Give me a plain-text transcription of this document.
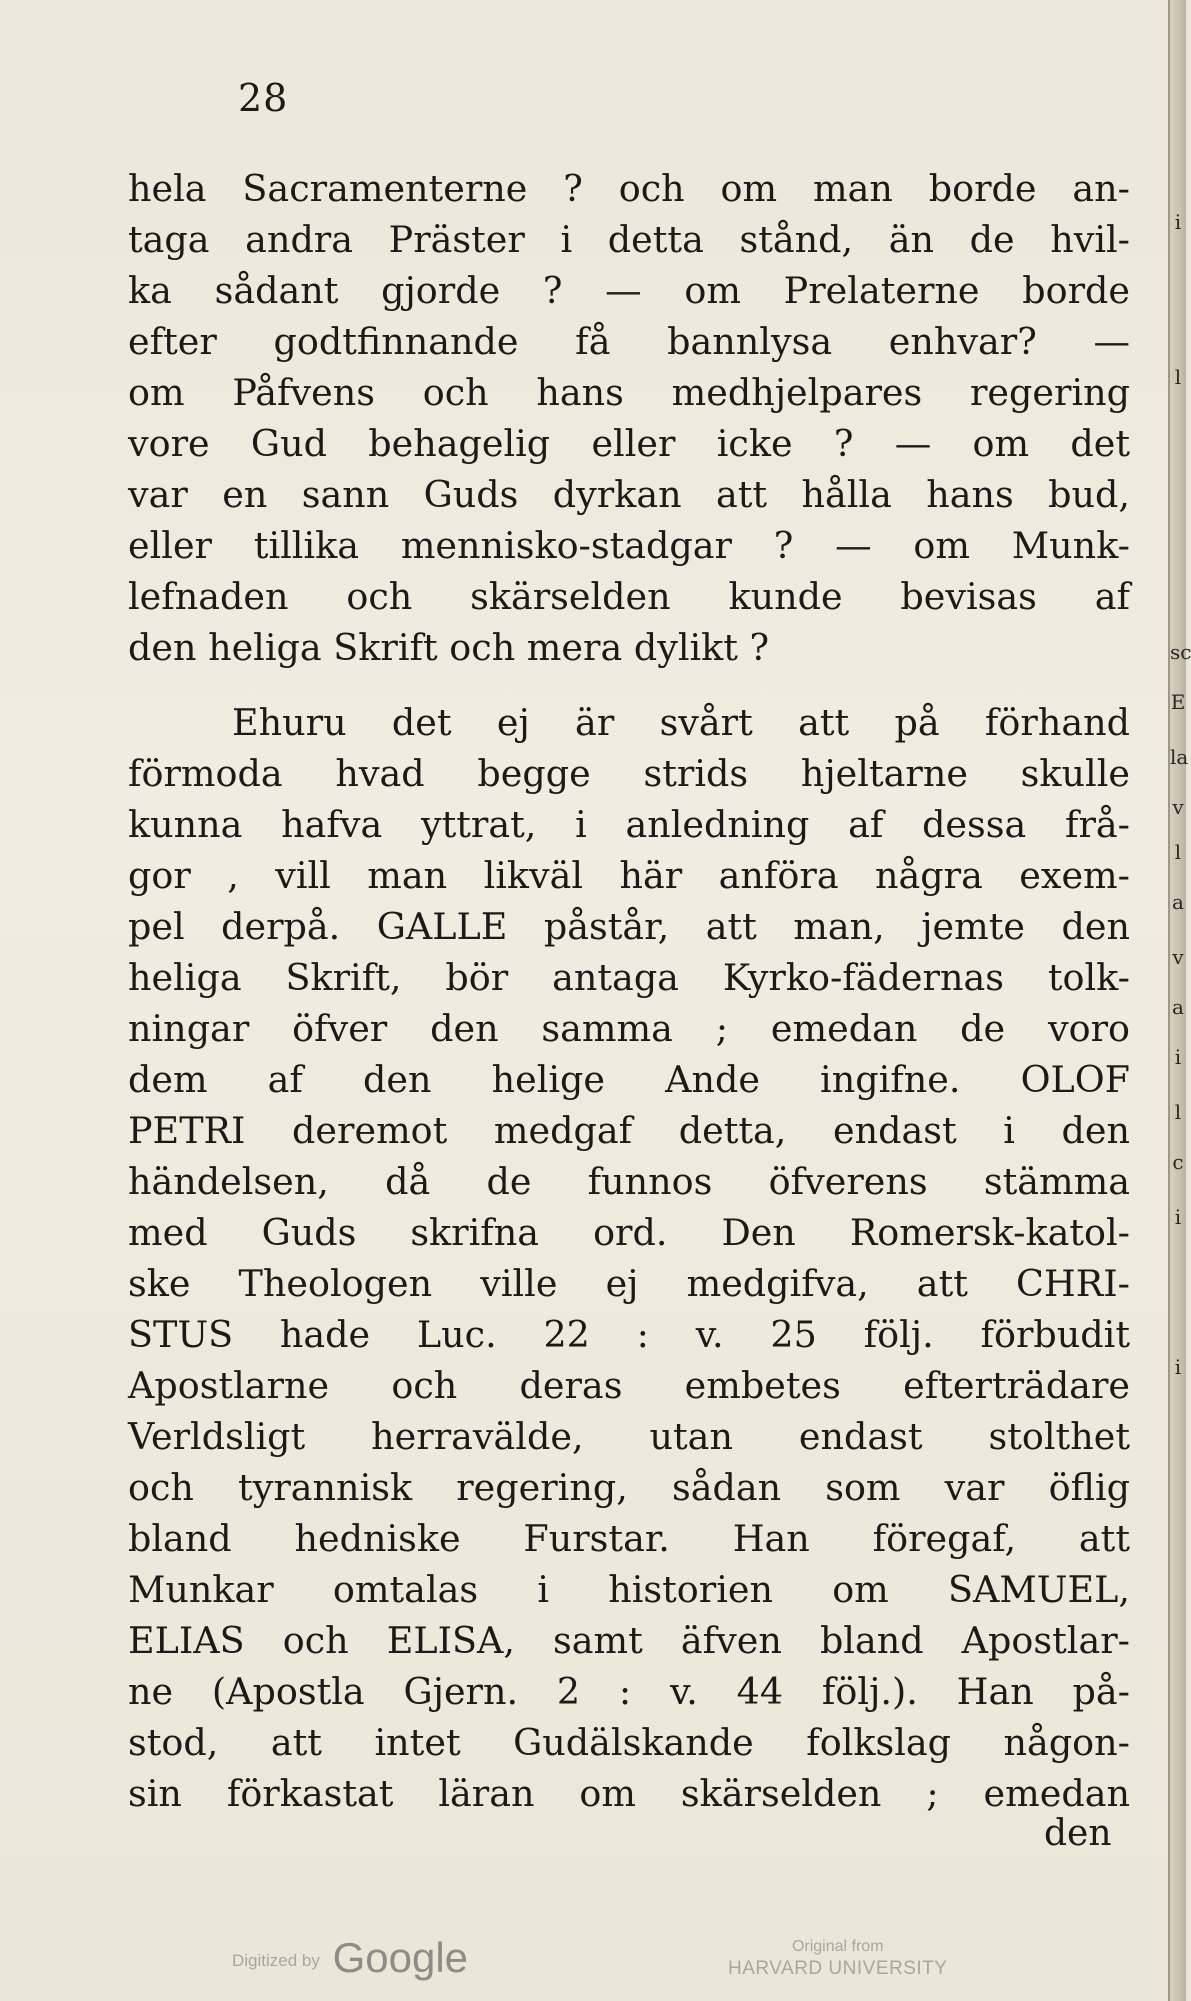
28
hela Sacramenterne ? och om man borde an-
taga andra Präster i detta stånd, än de hvil-
ka sådant gjorde ? — om Prelaterne borde
efter godtfinnande få bannlysa enhvar? —
om Påfvens och hans medhjelpares regering
vore Gud behagelig eller icke ? — om det
var en sann Guds dyrkan att hålla hans bud,
eller tillika mennisko-stadgar ? — om Munk-
lefnaden och skärselden kunde bevisas af
den heliga Skrift och mera dylikt ?
Ehuru det ej är svårt att på förhand
förmoda hvad begge strids hjeltarne skulle
kunna hafva yttrat, i anledning af dessa frå-
gor , vill man likväl här anföra några exem-
pel derpå. GALLE påstår, att man, jemte den
heliga Skrift, bör antaga Kyrko-fädernas tolk-
ningar öfver den samma ; emedan de voro
dem af den helige Ande ingifne. OLOF
PETRI deremot medgaf detta, endast i den
händelsen, då de funnos öfverens stämma
med Guds skrifna ord. Den Romersk-katol-
ske Theologen ville ej medgifva, att CHRI-
STUS hade Luc. 22 : v. 25 följ. förbudit
Apostlarne och deras embetes efterträdare
Verldsligt herravälde, utan endast stolthet
och tyrannisk regering, sådan som var öflig
bland hedniske Furstar. Han föregaf, att
Munkar omtalas i historien om SAMUEL,
ELIAS och ELISA, samt äfven bland Apostlar-
ne (Apostla Gjern. 2 : v. 44 följ.). Han på-
stod, att intet Gudälskande folkslag någon-
sin förkastat läran om skärselden ; emedan
den
Digitized by Google	Original from
HARVARD UNIVERSITY
i
l
sc
E
la
v
l
a
v
a
i
l
c
i
i
